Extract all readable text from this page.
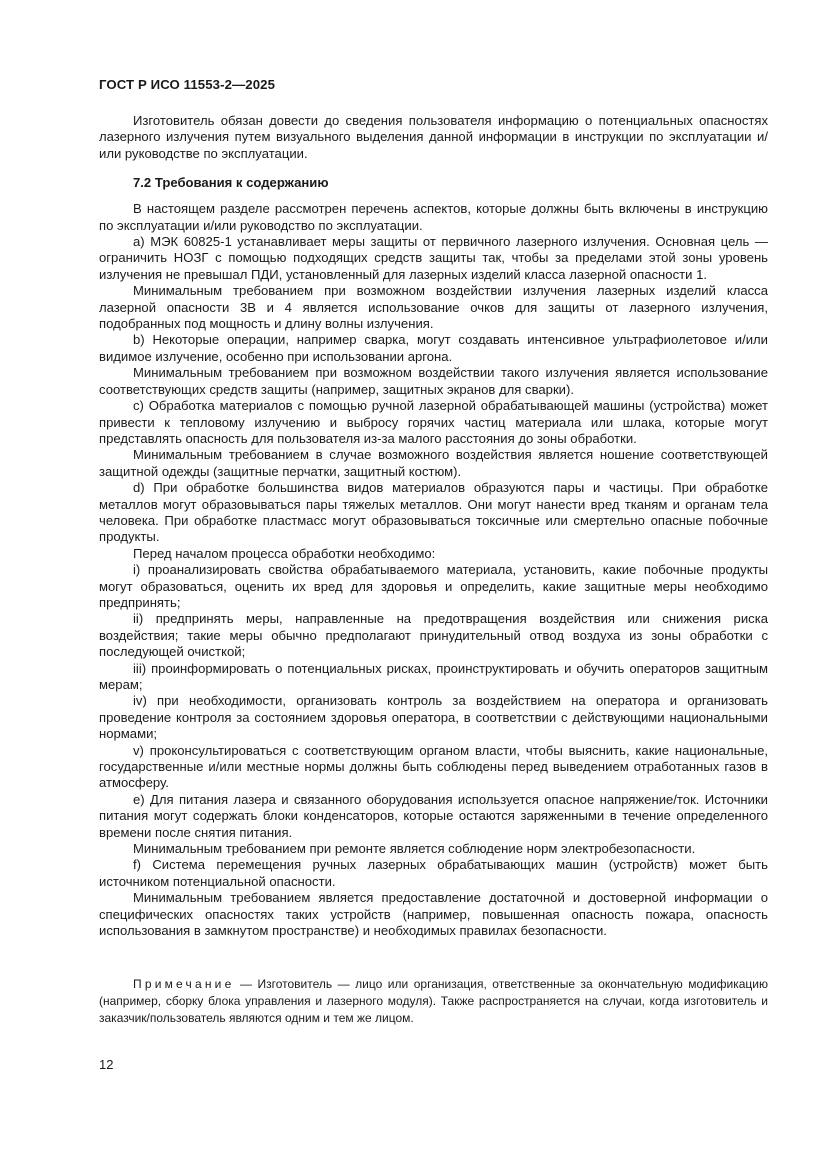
ГОСТ Р ИСО 11553-2—2025

Изготовитель обязан довести до сведения пользователя информацию о потенциальных опасностях лазерного излучения путем визуального выделения данной информации в инструкции по эксплуатации и/или руководстве по эксплуатации.

7.2 Требования к содержанию

В настоящем разделе рассмотрен перечень аспектов, которые должны быть включены в инструкцию по эксплуатации и/или руководство по эксплуатации.

а) МЭК 60825-1 устанавливает меры защиты от первичного лазерного излучения. Основная цель — ограничить НОЗГ с помощью подходящих средств защиты так, чтобы за пределами этой зоны уровень излучения не превышал ПДИ, установленный для лазерных изделий класса лазерной опасности 1.

Минимальным требованием при возможном воздействии излучения лазерных изделий класса лазерной опасности 3B и 4 является использование очков для защиты от лазерного излучения, подобранных под мощность и длину волны излучения.

b) Некоторые операции, например сварка, могут создавать интенсивное ультрафиолетовое и/или видимое излучение, особенно при использовании аргона.

Минимальным требованием при возможном воздействии такого излучения является использование соответствующих средств защиты (например, защитных экранов для сварки).

с) Обработка материалов с помощью ручной лазерной обрабатывающей машины (устройства) может привести к тепловому излучению и выбросу горячих частиц материала или шлака, которые могут представлять опасность для пользователя из-за малого расстояния до зоны обработки.

Минимальным требованием в случае возможного воздействия является ношение соответствующей защитной одежды (защитные перчатки, защитный костюм).

d) При обработке большинства видов материалов образуются пары и частицы. При обработке металлов могут образовываться пары тяжелых металлов. Они могут нанести вред тканям и органам тела человека. При обработке пластмасс могут образовываться токсичные или смертельно опасные побочные продукты.

Перед началом процесса обработки необходимо:

i) проанализировать свойства обрабатываемого материала, установить, какие побочные продукты могут образоваться, оценить их вред для здоровья и определить, какие защитные меры необходимо предпринять;

ii) предпринять меры, направленные на предотвращения воздействия или снижения риска воздействия; такие меры обычно предполагают принудительный отвод воздуха из зоны обработки с последующей очисткой;

iii) проинформировать о потенциальных рисках, проинструктировать и обучить операторов защитным мерам;

iv) при необходимости, организовать контроль за воздействием на оператора и организовать проведение контроля за состоянием здоровья оператора, в соответствии с действующими национальными нормами;

v) проконсультироваться с соответствующим органом власти, чтобы выяснить, какие национальные, государственные и/или местные нормы должны быть соблюдены перед выведением отработанных газов в атмосферу.

е) Для питания лазера и связанного оборудования используется опасное напряжение/ток. Источники питания могут содержать блоки конденсаторов, которые остаются заряженными в течение определенного времени после снятия питания.

Минимальным требованием при ремонте является соблюдение норм электробезопасности.

f) Система перемещения ручных лазерных обрабатывающих машин (устройств) может быть источником потенциальной опасности.

Минимальным требованием является предоставление достаточной и достоверной информации о специфических опасностях таких устройств (например, повышенная опасность пожара, опасность использования в замкнутом пространстве) и необходимых правилах безопасности.

Примечание — Изготовитель — лицо или организация, ответственные за окончательную модификацию (например, сборку блока управления и лазерного модуля). Также распространяется на случаи, когда изготовитель и заказчик/пользователь являются одним и тем же лицом.
12
